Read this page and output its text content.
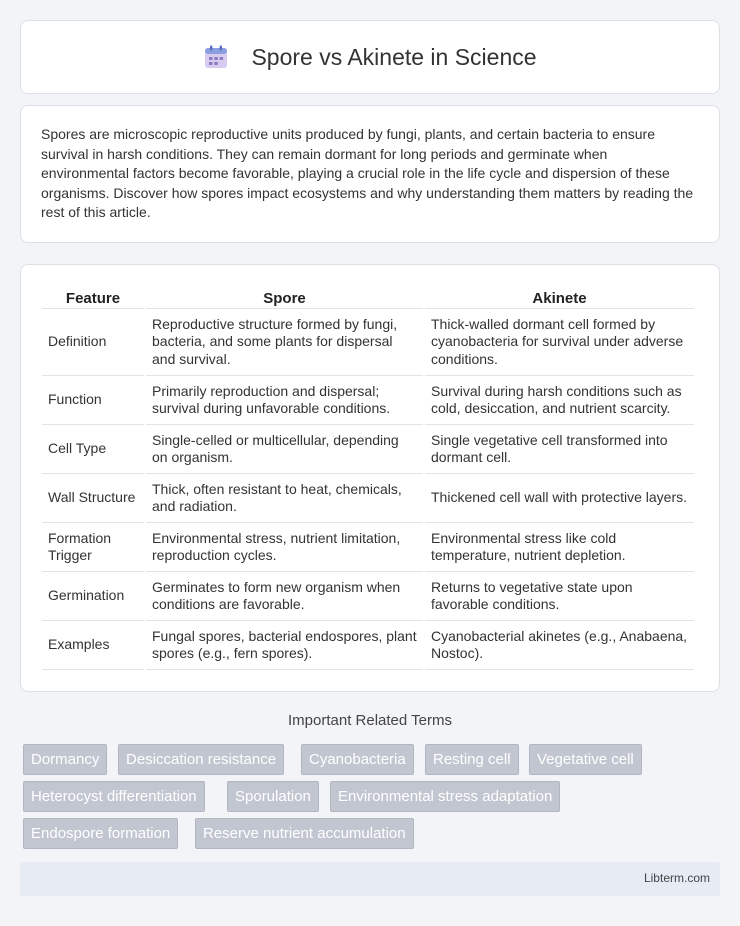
Spore vs Akinete in Science

Spores are microscopic reproductive units produced by fungi, plants, and certain bacteria to ensure survival in harsh conditions. They can remain dormant for long periods and germinate when environmental factors become favorable, playing a crucial role in the life cycle and dispersion of these organisms. Discover how spores impact ecosystems and why understanding them matters by reading the rest of this article.

Feature	Spore	Akinete
Definition	Reproductive structure formed by fungi, bacteria, and some plants for dispersal and survival.	Thick-walled dormant cell formed by cyanobacteria for survival under adverse conditions.
Function	Primarily reproduction and dispersal; survival during unfavorable conditions.	Survival during harsh conditions such as cold, desiccation, and nutrient scarcity.
Cell Type	Single-celled or multicellular, depending on organism.	Single vegetative cell transformed into dormant cell.
Wall Structure	Thick, often resistant to heat, chemicals, and radiation.	Thickened cell wall with protective layers.
Formation Trigger	Environmental stress, nutrient limitation, reproduction cycles.	Environmental stress like cold temperature, nutrient depletion.
Germination	Germinates to form new organism when conditions are favorable.	Returns to vegetative state upon favorable conditions.
Examples	Fungal spores, bacterial endospores, plant spores (e.g., fern spores).	Cyanobacterial akinetes (e.g., Anabaena, Nostoc).
Important Related Terms
Dormancy	Desiccation resistance	Cyanobacteria	Resting cell	Vegetative cell
Heterocyst differentiation	Sporulation	Environmental stress adaptation
Endospore formation	Reserve nutrient accumulation
Libterm.com
